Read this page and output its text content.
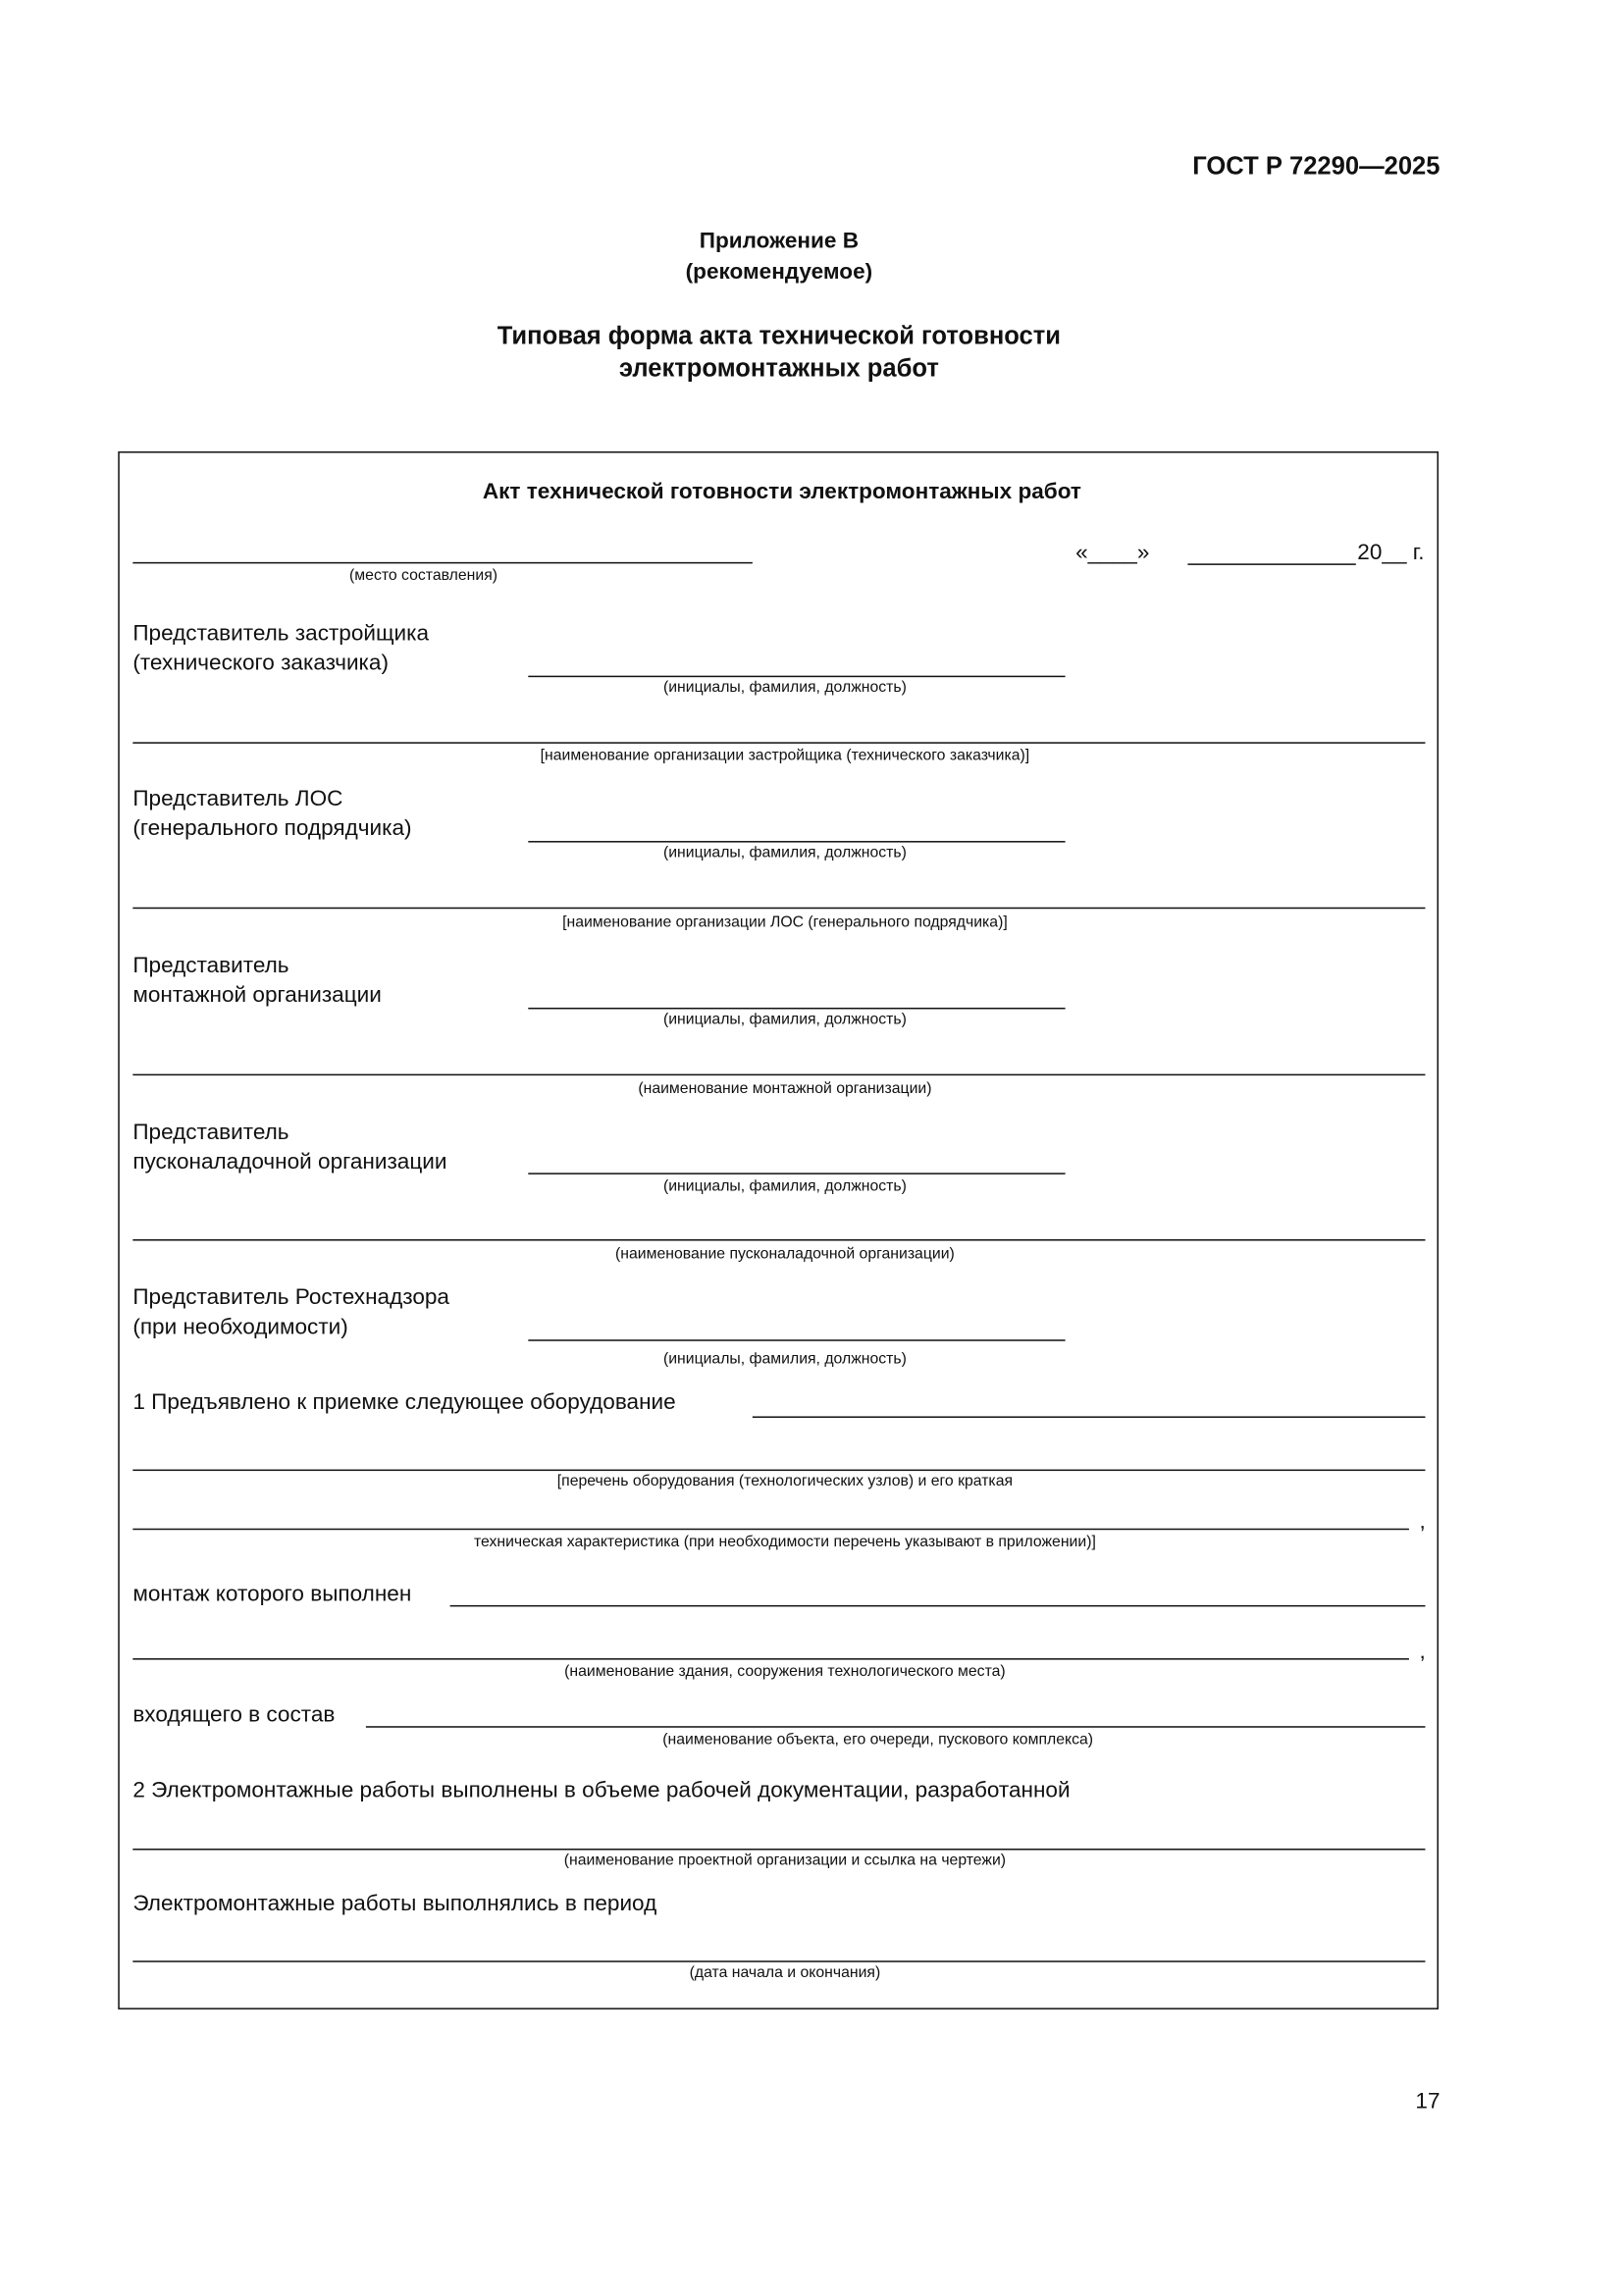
ГОСТ Р 72290—2025
Приложение В
(рекомендуемое)
Типовая форма акта технической готовности
электромонтажных работ
Акт технической готовности электромонтажных работ
(место составления)
«____»	20__ г.
Представитель застройщика
(технического заказчика)
(инициалы, фамилия, должность)
[наименование организации застройщика (технического заказчика)]
Представитель ЛОС
(генерального подрядчика)
(инициалы, фамилия, должность)
[наименование организации ЛОС (генерального подрядчика)]
Представитель
монтажной организации
(инициалы, фамилия, должность)
(наименование монтажной организации)
Представитель
пусконаладочной организации
(инициалы, фамилия, должность)
(наименование пусконаладочной организации)
Представитель Ростехнадзора
(при необходимости)
(инициалы, фамилия, должность)
1 Предъявлено к приемке следующее оборудование
[перечень оборудования (технологических узлов) и его краткая
,
техническая характеристика (при необходимости перечень указывают в приложении)]
монтаж которого выполнен
,
(наименование здания, сооружения технологического места)
входящего в состав
(наименование объекта, его очереди, пускового комплекса)
2 Электромонтажные работы выполнены в объеме рабочей документации, разработанной
(наименование проектной организации и ссылка на чертежи)
Электромонтажные работы выполнялись в период
(дата начала и окончания)
17
